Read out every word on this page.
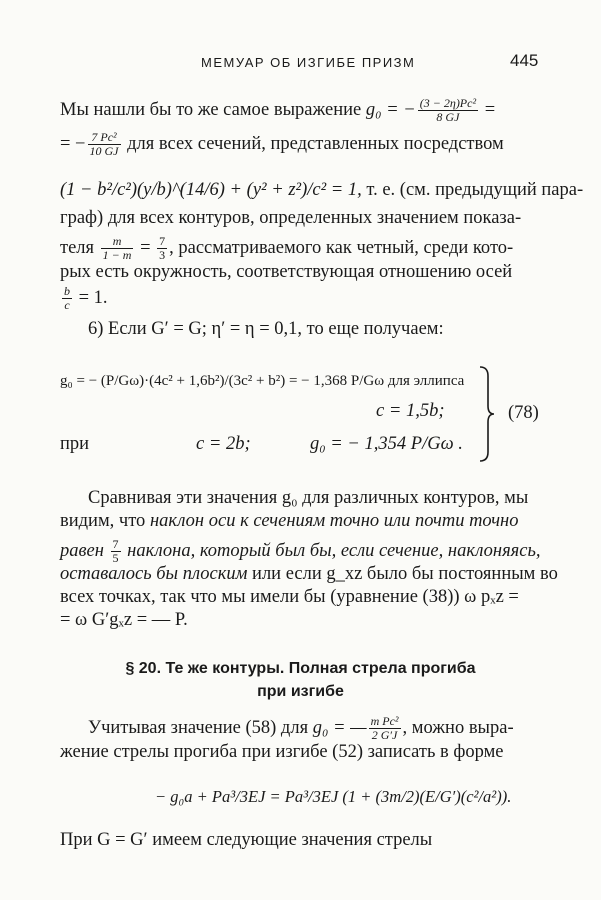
МЕМУАР ОБ ИЗГИБЕ ПРИЗМ	445
Мы нашли бы то же самое выражение g₀ = − $\frac{\text{(3 − 2η)Pc²}}{8 GJ}$ =
= − $\frac{\text{7 Pc²}}{10 GJ}$ для всех сечений, представленных посредством
(1 − b²/c²)(y/b)^(14/6) + (y² + z²)/c² = 1, т. е. (см. предыдущий пара-
граф) для всех контуров, определенных значением показа-
теля $\frac{m}{1 - m} = \frac{7}{3}$ , рассматриваемого как четный, среди кото-
рых есть окружность, соответствующая отношению осей
$\frac{b}{c} = 1$.
6) Если G′ = G; η′ = η = 0,1, то еще получаем:
g₀ = − (P/Gω)·(4c² + 1,6b²)/(3c² + b²) = − 1,368 P/Gω для эллипса
c = 1,5b;
при	c = 2b;	g₀ = − 1,354 P/Gω .
(78)
Сравнивая эти значения g₀ для различных контуров, мы
видим, что наклон оси к сечениям точно или почти точно
равен $\frac{7}{5}$ наклона, который был бы, если сечение, наклоняясь,
оставалось бы плоским или если g_xz было бы постоянным во
всех точках, так что мы имели бы (уравнение (38)) ω pₓz =
= ω G′gₓz = — P.
§ 20. Те же контуры. Полная стрела прогиба
при изгибе
Учитывая значение (58) для g₀ = — $\frac{\text{m Pc²}}{2 G'J}$ , можно выра-
жение стрелы прогиба при изгибе (52) записать в форме
− g₀a + Pa³/3EJ = Pa³/3EJ (1 + (3m/2)(E/G′)(c²/a²)).
При G = G′ имеем следующие значения стрелы
